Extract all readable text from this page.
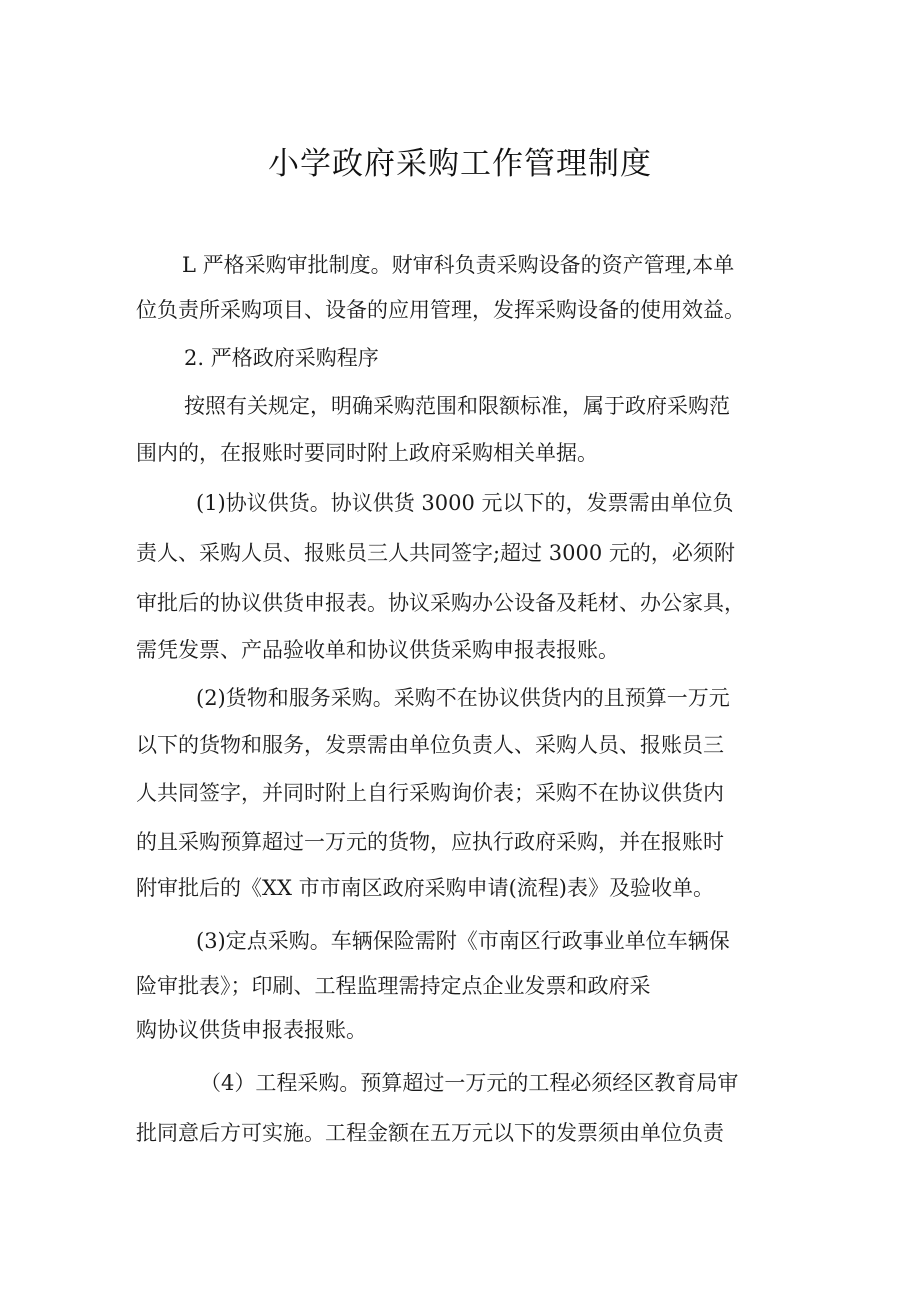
小学政府采购工作管理制度
L 严格采购审批制度。财审科负责采购设备的资产管理,本单
位负责所采购项目、设备的应用管理，发挥采购设备的使用效益。
2. 严格政府采购程序
按照有关规定，明确采购范围和限额标准，属于政府采购范
围内的，在报账时要同时附上政府采购相关单据。
(1)协议供货。协议供货 3000 元以下的，发票需由单位负
责人、采购人员、报账员三人共同签字;超过 3000 元的，必须附
审批后的协议供货申报表。协议采购办公设备及耗材、办公家具，
需凭发票、产品验收单和协议供货采购申报表报账。
(2)货物和服务采购。采购不在协议供货内的且预算一万元
以下的货物和服务，发票需由单位负责人、采购人员、报账员三
人共同签字，并同时附上自行采购询价表；采购不在协议供货内
的且采购预算超过一万元的货物，应执行政府采购，并在报账时
附审批后的《XX 市市南区政府采购申请(流程)表》及验收单。
(3)定点采购。车辆保险需附《市南区行政事业单位车辆保
险审批表》；印刷、工程监理需持定点企业发票和政府采
购协议供货申报表报账。
（4）工程采购。预算超过一万元的工程必须经区教育局审
批同意后方可实施。工程金额在五万元以下的发票须由单位负责
